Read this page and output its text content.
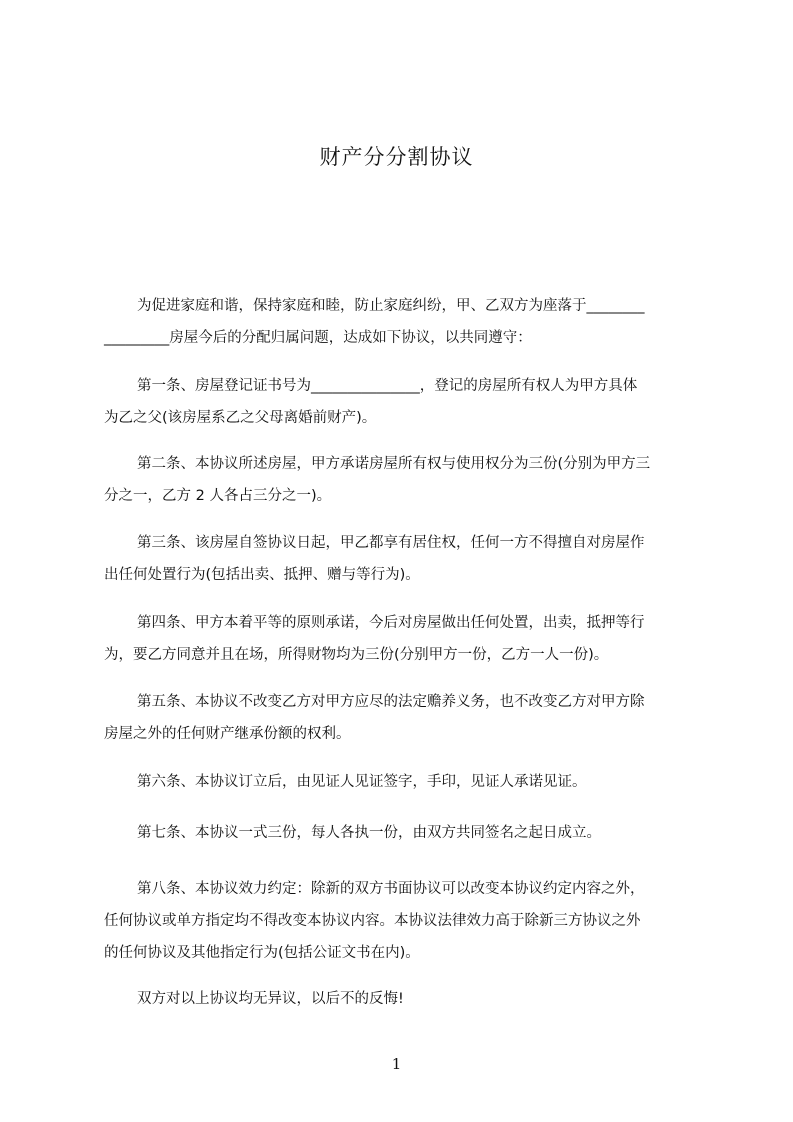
财产分分割协议
为促进家庭和谐，保持家庭和睦，防止家庭纠纷，甲、乙双方为座落于________
_________房屋今后的分配归属问题，达成如下协议，以共同遵守：
第一条、房屋登记证书号为_______________，登记的房屋所有权人为甲方具体
为乙之父(该房屋系乙之父母离婚前财产)。
第二条、本协议所述房屋，甲方承诺房屋所有权与使用权分为三份(分别为甲方三
分之一，乙方 2 人各占三分之一)。
第三条、该房屋自签协议日起，甲乙都享有居住权，任何一方不得擅自对房屋作
出任何处置行为(包括出卖、抵押、赠与等行为)。
第四条、甲方本着平等的原则承诺，今后对房屋做出任何处置，出卖，抵押等行
为，要乙方同意并且在场，所得财物均为三份(分别甲方一份，乙方一人一份)。
第五条、本协议不改变乙方对甲方应尽的法定赡养义务，也不改变乙方对甲方除
房屋之外的任何财产继承份额的权利。
第六条、本协议订立后，由见证人见证签字，手印，见证人承诺见证。
第七条、本协议一式三份，每人各执一份，由双方共同签名之起日成立。
第八条、本协议效力约定：除新的双方书面协议可以改变本协议约定内容之外，
任何协议或单方指定均不得改变本协议内容。本协议法律效力高于除新三方协议之外
的任何协议及其他指定行为(包括公证文书在内)。
双方对以上协议均无异议，以后不的反悔!
1
